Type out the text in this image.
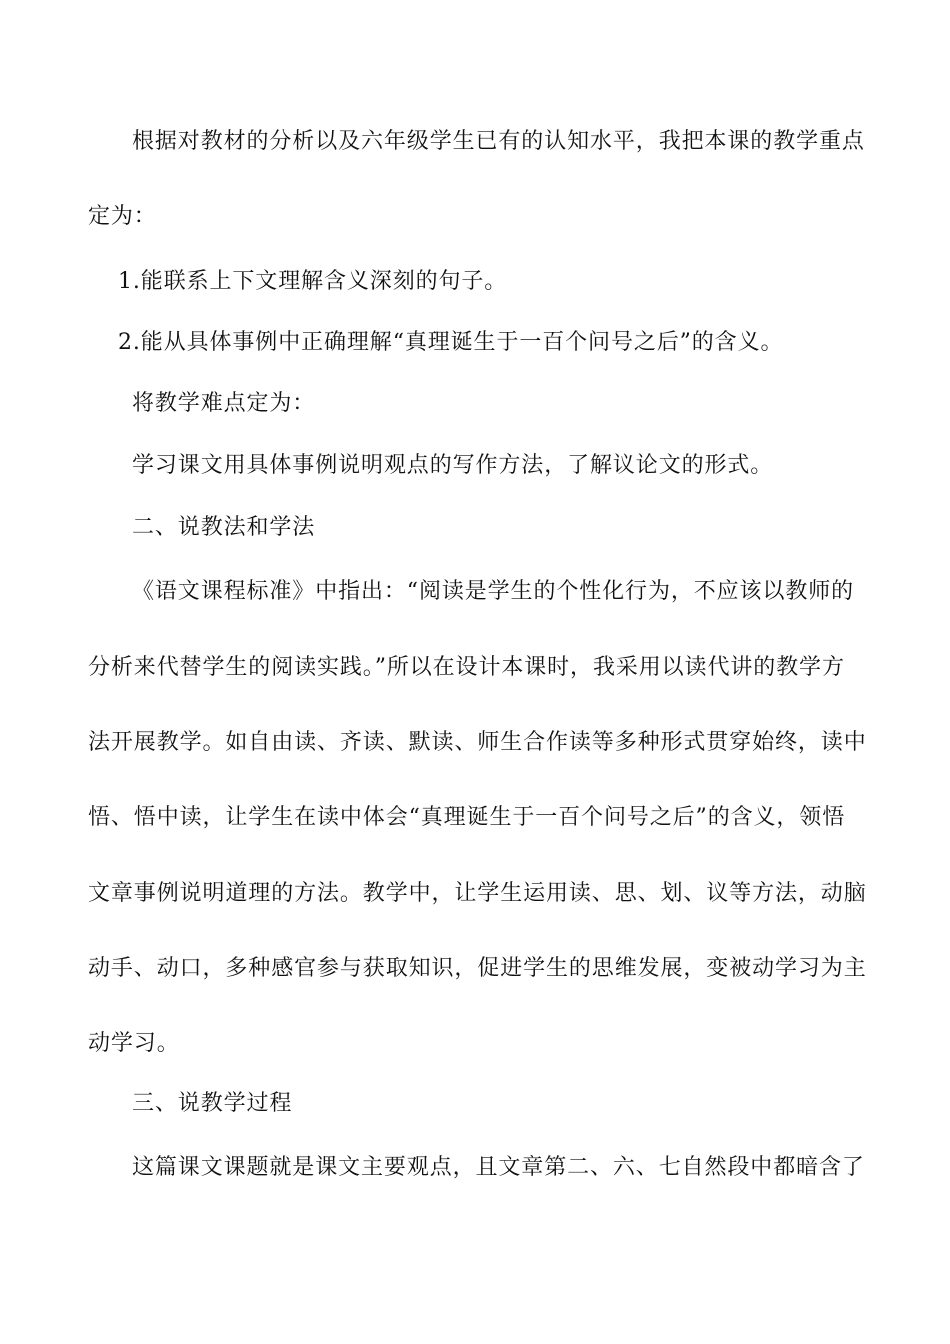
根据对教材的分析以及六年级学生已有的认知水平，我把本课的教学重点
定为：
1.能联系上下文理解含义深刻的句子。
2.能从具体事例中正确理解“真理诞生于一百个问号之后”的含义。
将教学难点定为：
学习课文用具体事例说明观点的写作方法，了解议论文的形式。
二、说教法和学法
《语文课程标准》中指出：“阅读是学生的个性化行为，不应该以教师的
分析来代替学生的阅读实践。”所以在设计本课时，我采用以读代讲的教学方
法开展教学。如自由读、齐读、默读、师生合作读等多种形式贯穿始终，读中
悟、悟中读，让学生在读中体会“真理诞生于一百个问号之后”的含义，领悟
文章事例说明道理的方法。教学中，让学生运用读、思、划、议等方法，动脑
动手、动口，多种感官参与获取知识，促进学生的思维发展，变被动学习为主
动学习。
三、说教学过程
这篇课文课题就是课文主要观点，且文章第二、六、七自然段中都暗含了
